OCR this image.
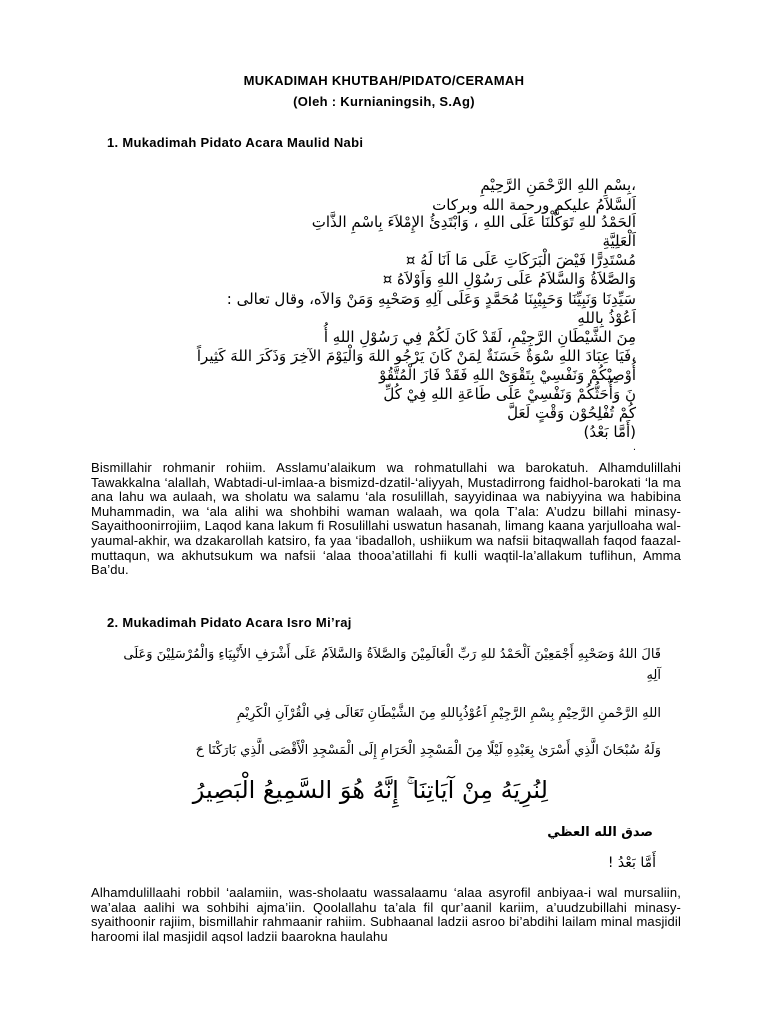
MUKADIMAH KHUTBAH/PIDATO/CERAMAH
(Oleh : Kurnianingsih, S.Ag)
1. Mukadimah Pidato Acara Maulid Nabi
،بِسْمِ اللهِ الرَّحْمَنِ الرَّحِيْمِ
اَلسَّلاَمُ عليكم ورحمة الله وبركات
اَلحَمْدُ للهِ تَوَكَّلْنَا عَلَى اللهِ ، وَابْتَدِئُ الإِمْلاَءَ بِاسْمِ الذَّاتِ
اَلْعَلِيَّةِ
مُسْتَدِرًّا فَيْضَ الْبَرَكَاتِ عَلَى مَا اَنَا لَهُ ¤
وَالصَّلاَةُ وَالسَّلاَمُ عَلَى رَسُوْلِ اللهِ وَاَوْلاَهُ ¤
سَيِّدِنَا وَنَبِيِّنَا وَحَبِيْبِنَا مُحَمَّدٍ وَعَلَى آلِهِ وَصَحْبِهِ وَمَنْ وَالاَه، وقال تعالى :
اَعُوْذُ بِاللهِ
مِنَ الشَّيْطَانِ الرَّجِيْمِ، لَقَدْ كَانَ لَكُمْ فِي رَسُوْلِ اللهِ أُ
،فَيَا عِبَادَ اللهِ سْوَةٌ حَسَنَةٌ لِمَنْ كَانَ يَرْجُو اللهَ وَالْيَوْمَ الآخِرَ وَذَكَرَ اللهَ كَثِيراً
أُوْصِيْكُمْ وَنَفْسِيْ بِتَقْوَىْ اللهِ فَقَدْ فَازَ الْمُتَّقُوْ
نَ وَأُحَثُّكُمْ وَنَفْسِيْ عَلَى طَاعَةِ اللهِ فِيْ كُلِّ
كُمْ تُفْلِحُوْن وَقْتٍ لَعَلَّ
(أَمَّا بَعْدُ)
.
Bismillahir rohmanir rohiim. Asslamu’alaikum wa rohmatullahi wa barokatuh. Alhamdulillahi Tawakkalna ‘alallah, Wabtadi-ul-imlaa-a bismizd-dzatil-‘aliyyah, Mustadirrong faidhol-barokati ‘la ma ana lahu wa aulaah, wa sholatu wa salamu ‘ala rosulillah, sayyidinaa wa nabiyyina wa habibina Muhammadin, wa ‘ala alihi wa shohbihi waman walaah, wa qola T’ala: A’udzu billahi minasy-Sayaithoonirrojiim, Laqod kana lakum fi Rosulillahi uswatun hasanah, limang kaana yarjulloaha wal-yaumal-akhir, wa dzakarollah katsiro, fa yaa ‘ibadalloh, ushiikum wa nafsii bitaqwallah faqod faazal-muttaqun, wa akhutsukum wa nafsii ‘alaa thooa’atillahi fi kulli waqtil-la’allakum tuflihun, Amma Ba’du.
2. Mukadimah Pidato Acara Isro Mi’raj
قَالَ اللهُ وَصَحْبِهِ أَجْمَعِيْنَ اَلْحَمْدُ للهِ رَبِّ الْعَالَمِيْنَ وَالصَّلاَةُ وَالسَّلاَمُ عَلَى أَشْرَفِ الأَنْبِيَاءِ وَالْمُرْسَلِيْنَ وَعَلَى
آلِهِ
اللهِ الرَّحْمنِ الرَّحِيْمِ بِسْمِ الرَّجِيْمِ اَعُوْذُبِاللهِ مِنَ الشَّيْطَانِ تَعَالَى فِي الْقُرْآنِ الْكَرِيْمِ
وَلَهُ سُبْحَانَ الَّذِي أَسْرَىٰ بِعَبْدِهِ لَيْلًا مِنَ الْمَسْجِدِ الْحَرَامِ إِلَى الْمَسْجِدِ الْأَقْصَى الَّذِي بَارَكْنَا حَ
لِنُرِيَهُ مِنْ آيَاتِنَا ۚ إِنَّهُ هُوَ السَّمِيعُ الْبَصِيرُ
صدق الله العظي
أَمَّا بَعْدُ !
Alhamdulillaahi robbil ‘aalamiin, was-sholaatu wassalaamu ‘alaa asyrofil anbiyaa-i wal mursaliin, wa’alaa aalihi wa sohbihi ajma’iin. Qoolallahu ta’ala fil qur’aanil kariim, a’uudzubillahi minasy-syaithoonir rajiim, bismillahir rahmaanir rahiim. Subhaanal ladzii asroo bi’abdihi lailam minal masjidil haroomi ilal masjidil aqsol ladzii baarokna haulahu
